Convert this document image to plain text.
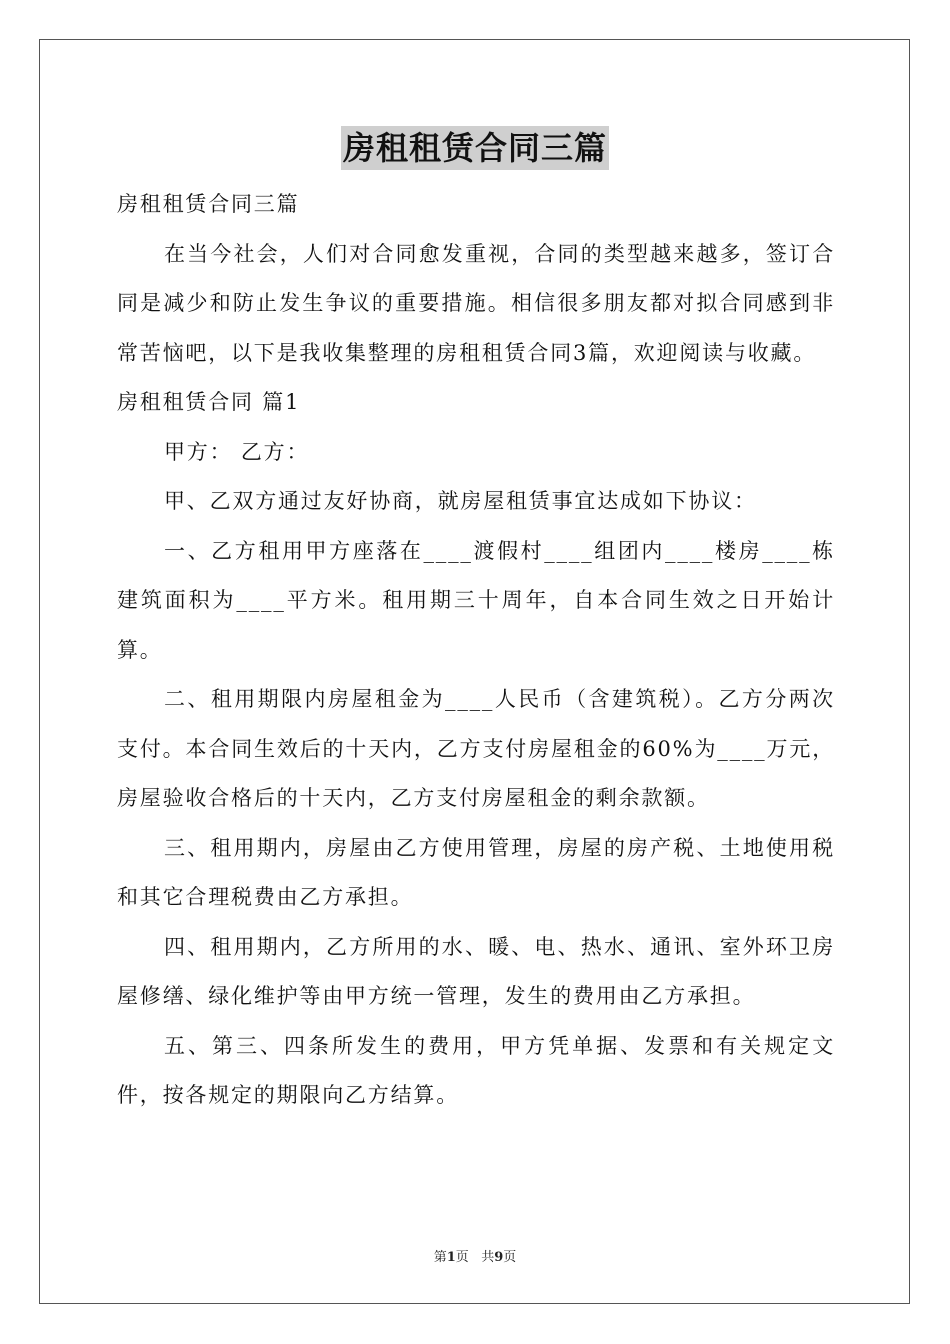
房租租赁合同三篇

房租租赁合同三篇

在当今社会，人们对合同愈发重视，合同的类型越来越多，签订合同是减少和防止发生争议的重要措施。相信很多朋友都对拟合同感到非常苦恼吧，以下是我收集整理的房租租赁合同3篇，欢迎阅读与收藏。

房租租赁合同 篇1

甲方： 乙方：

甲、乙双方通过友好协商，就房屋租赁事宜达成如下协议：

一、乙方租用甲方座落在____渡假村____组团内____楼房____栋建筑面积为____平方米。租用期三十周年，自本合同生效之日开始计算。

二、租用期限内房屋租金为____人民币（含建筑税）。乙方分两次支付。本合同生效后的十天内，乙方支付房屋租金的60%为____万元，房屋验收合格后的十天内，乙方支付房屋租金的剩余款额。

三、租用期内，房屋由乙方使用管理，房屋的房产税、土地使用税和其它合理税费由乙方承担。

四、租用期内，乙方所用的水、暖、电、热水、通讯、室外环卫房屋修缮、绿化维护等由甲方统一管理，发生的费用由乙方承担。

五、第三、四条所发生的费用，甲方凭单据、发票和有关规定文件，按各规定的期限向乙方结算。

第1页 共9页
